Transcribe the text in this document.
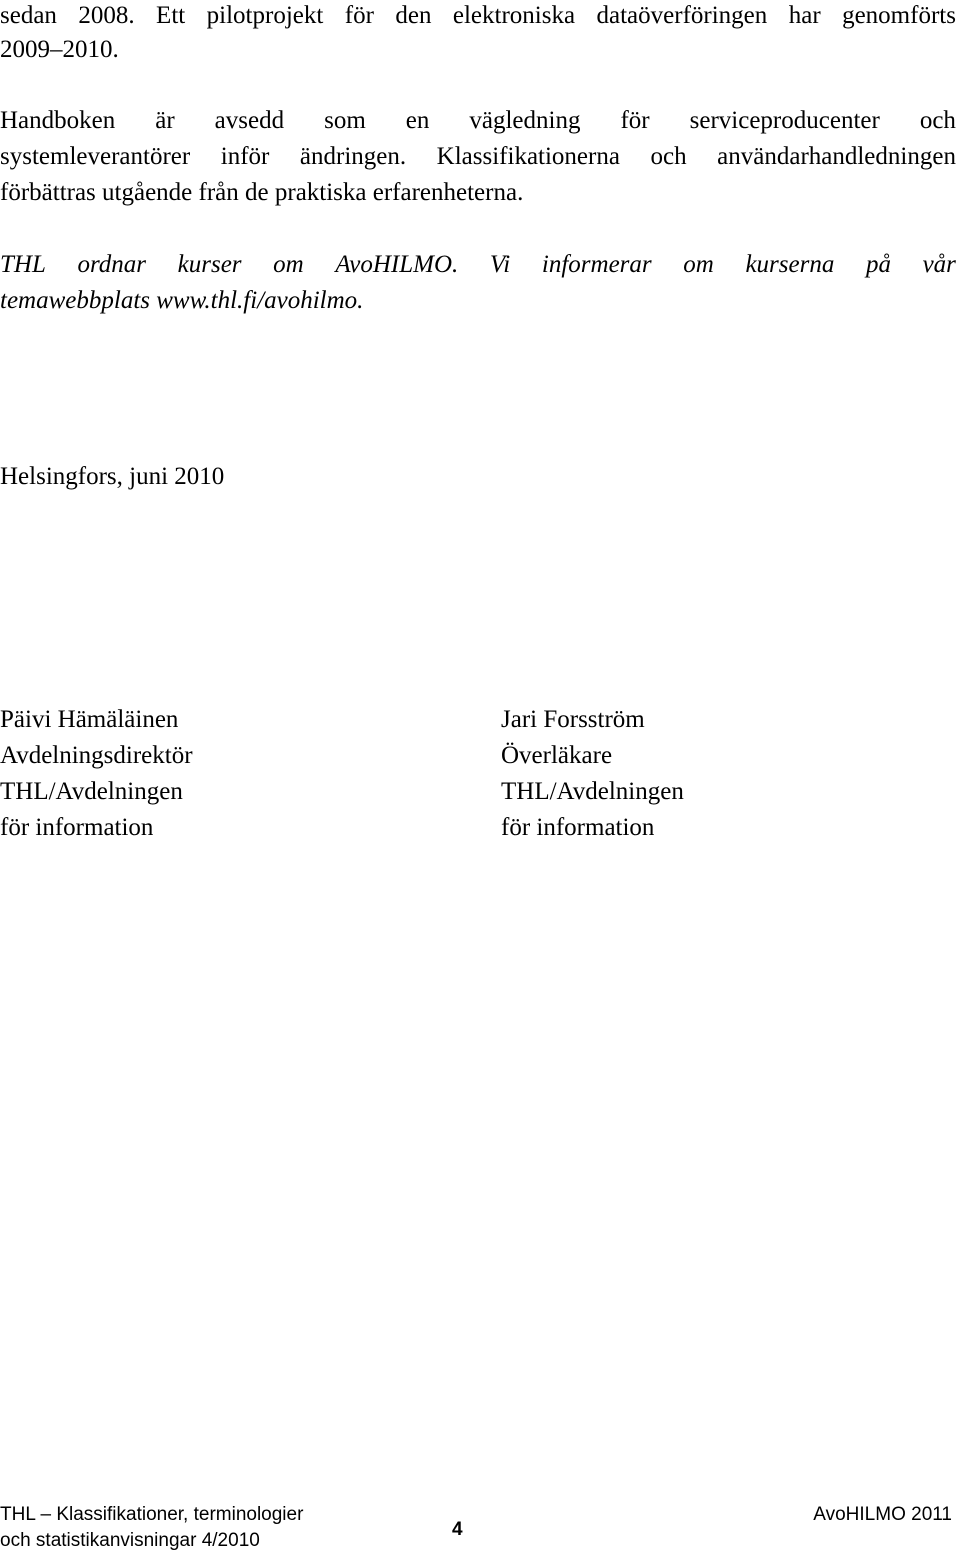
sedan 2008. Ett pilotprojekt för den elektroniska dataöverföringen har genomförts
2009–2010.
Handboken är avsedd som en vägledning för serviceproducenter och
systemleverantörer inför ändringen. Klassifikationerna och användarhandledningen
förbättras utgående från de praktiska erfarenheterna.
THL ordnar kurser om AvoHILMO. Vi informerar om kurserna på vår
temawebbplats www.thl.fi/avohilmo.
Helsingfors, juni 2010
Päivi Hämäläinen
Avdelningsdirektör
THL/Avdelningen
för information
Jari Forsström
Överläkare
THL/Avdelningen
för information
THL – Klassifikationer, terminologier
och statistikanvisningar 4/2010
4
AvoHILMO 2011
